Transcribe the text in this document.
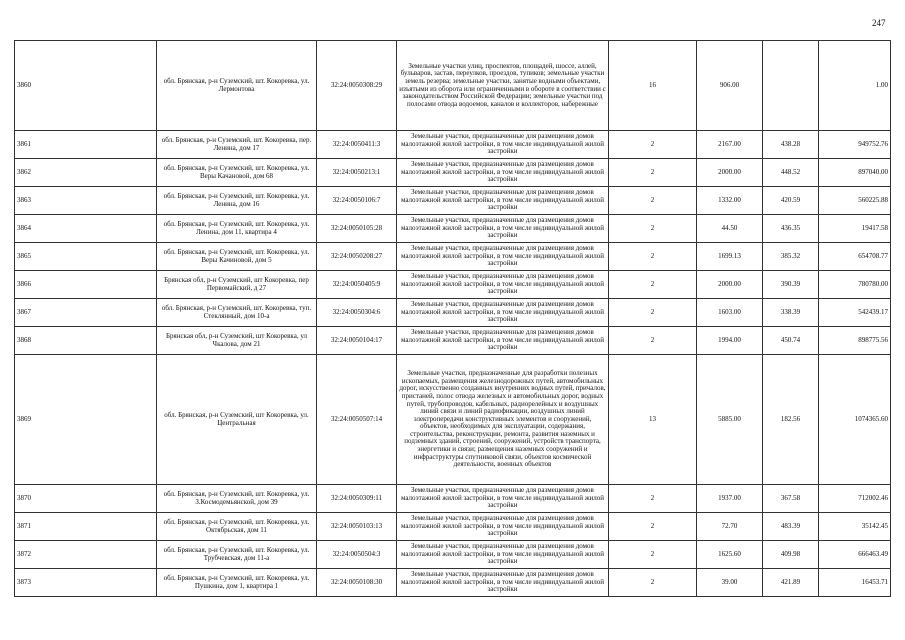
247
3860	обл. Брянская, р-н Суземский, шт. Кокоревка, ул. Лермонтова	32:24:0050308:29	Земельные участки улиц, проспектов, площадей, шоссе, аллей, бульваров, застав, переулков, проездов, тупиков; земельные участки земель резерва; земельные участки, занятые водными объектами, изъятыми из оборота или ограниченными в обороте в соответствии с законодательством Российской Федерации; земельные участки под полосами отвода водоемов, каналов и коллекторов, набережные	16	906.00		1.00
3861	обл. Брянская, р-н Суземский, шт. Кокоревка, пер. Ленина, дом 17	32:24:0050411:3	Земельные участки, предназначенные для размещения домов малоэтажной жилой застройки, в том числе индивидуальной жилой застройки	2	2167.00	438.28	949752.76
3862	обл. Брянская, р-н Суземский, шт. Кокоревка, ул. Веры Качановой, дом 68	32:24:0050213:1	Земельные участки, предназначенные для размещения домов малоэтажной жилой застройки, в том числе индивидуальной жилой застройки	2	2000.00	448.52	897040.00
3863	обл. Брянская, р-н Суземский, шт. Кокоревка, ул. Ленина, дом 16	32:24:0050106:7	Земельные участки, предназначенные для размещения домов малоэтажной жилой застройки, в том числе индивидуальной жилой застройки	2	1332.00	420.59	560225.88
3864	обл. Брянская, р-н Суземский, шт. Кокоревка, ул. Ленина, дом 11, квартира 4	32:24:0050105:28	Земельные участки, предназначенные для размещения домов малоэтажной жилой застройки, в том числе индивидуальной жилой застройки	2	44.50	436.35	19417.58
3865	обл. Брянская, р-н Суземский, шт. Кокоревка, ул. Веры Качиновой, дом 5	32:24:0050208:27	Земельные участки, предназначенные для размещения домов малоэтажной жилой застройки, в том числе индивидуальной жилой застройки	2	1699.13	385.32	654708.77
3866	Брянская обл, р-н Суземский, шт Кокоревка, пер Первомайский, д 27	32:24:0050405:9	Земельные участки, предназначенные для размещения домов малоэтажной жилой застройки, в том числе индивидуальной жилой застройки	2	2000.00	390.39	780780.00
3867	обл. Брянская, р-н Суземский, шт. Кокоревка, туп. Стеклянный, дом 10-а	32:24:0050304:6	Земельные участки, предназначенные для размещения домов малоэтажной жилой застройки, в том числе индивидуальной жилой застройки	2	1603.00	338.39	542439.17
3868	Брянская обл, р-н Суземский, шт Кокоревка, ул Чкалова, дом 21	32:24:0050104:17	Земельные участки, предназначенные для размещения домов малоэтажной жилой застройки, в том числе индивидуальной жилой застройки	2	1994.00	450.74	898775.56
3869	обл. Брянская, р-н Суземский, шт Кокоревка, ул. Центральная	32:24:0050507:14	Земельные участки, предназначенные для разработки полезных ископаемых, размещения железнодорожных путей, автомобильных дорог, искусственно созданных внутренних водных путей, причалов, пристаней, полос отвода железных и автомобильных дорог, водных путей, трубопроводов, кабельных, радиорелейных и воздушных линий связи и линий радиофикации, воздушных линий электропередачи конструктивных элементов и сооружений, объектов, необходимых для эксплуатации, содержания, строительства, реконструкции, ремонта, развития наземных и подземных зданий, строений, сооружений, устройств транспорта, энергетики и связи; размещения наземных сооружений и инфраструктуры спутниковой связи, объектов космической деятельности, военных объектов	13	5885.00	182.56	1074365.60
3870	обл. Брянская, р-н Суземский, шт. Кокоревка, ул. З.Космодемьянской, дом 39	32:24:0050309:11	Земельные участки, предназначенные для размещения домов малоэтажной жилой застройки, в том числе индивидуальной жилой застройки	2	1937.00	367.58	712002.46
3871	обл. Брянская, р-н Суземский, шт. Кокоревка, ул. Октябрьская, дом 11	32:24:0050103:13	Земельные участки, предназначенные для размещения домов малоэтажной жилой застройки, в том числе индивидуальной жилой застройки	2	72.70	483.39	35142.45
3872	обл. Брянская, р-н Суземский, шт. Кокоревка, ул. Трубчевская, дом 11-а	32:24:0050504:3	Земельные участки, предназначенные для размещения домов малоэтажной жилой застройки, в том числе индивидуальной жилой застройки	2	1625.60	409.98	666463.49
3873	обл. Брянская, р-н Суземский, шт. Кокоревка, ул. Пушкина, дом 1, квартира 1	32:24:0050108:30	Земельные участки, предназначенные для размещения домов малоэтажной жилой застройки, в том числе индивидуальной жилой застройки	2	39.00	421.89	16453.71
